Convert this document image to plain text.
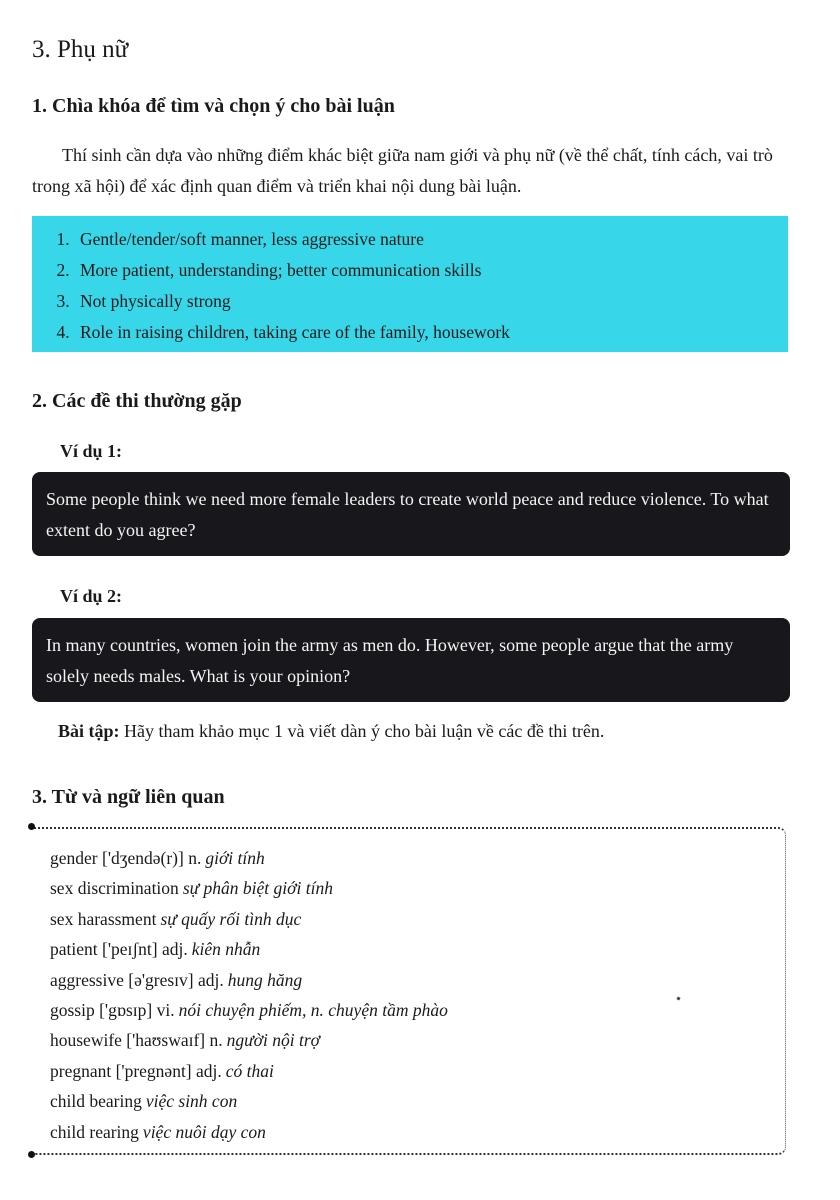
3. Phụ nữ
1. Chìa khóa để tìm và chọn ý cho bài luận
Thí sinh cần dựa vào những điểm khác biệt giữa nam giới và phụ nữ (về thể chất, tính cách, vai trò trong xã hội) để xác định quan điểm và triển khai nội dung bài luận.
1. Gentle/tender/soft manner, less aggressive nature
2. More patient, understanding; better communication skills
3. Not physically strong
4. Role in raising children, taking care of the family, housework
2. Các đề thi thường gặp
Ví dụ 1:
Some people think we need more female leaders to create world peace and reduce violence. To what extent do you agree?
Ví dụ 2:
In many countries, women join the army as men do. However, some people argue that the army solely needs males. What is your opinion?
Bài tập: Hãy tham khảo mục 1 và viết dàn ý cho bài luận về các đề thi trên.
3. Từ và ngữ liên quan
gender ['dʒendə(r)] n. giới tính
sex discrimination sự phân biệt giới tính
sex harassment sự quấy rối tình dục
patient ['peɪʃnt] adj. kiên nhẫn
aggressive [ə'gresɪv] adj. hung hăng
gossip ['gɒsɪp] vi. nói chuyện phiếm, n. chuyện tầm phào
housewife ['haʊswaɪf] n. người nội trợ
pregnant ['pregnənt] adj. có thai
child bearing việc sinh con
child rearing việc nuôi dạy con
